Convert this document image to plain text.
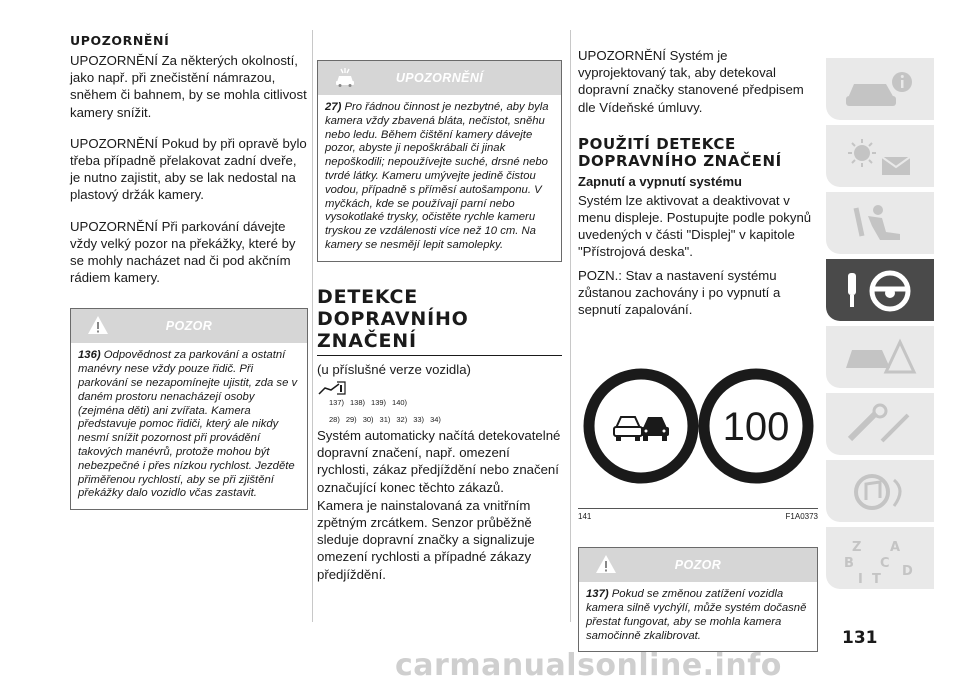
UPOZORNĚNÍ

UPOZORNĚNÍ Za některých okolností, jako např. při znečistění námrazou, sněhem či bahnem, by se mohla citlivost kamery snížit.

UPOZORNĚNÍ Pokud by při opravě bylo třeba případně přelakovat zadní dveře, je nutno zajistit, aby se lak nedostal na plastový držák kamery.

UPOZORNĚNÍ Při parkování dávejte vždy velký pozor na překážky, které by se mohly nacházet nad či pod akčním rádiem kamery.

POZOR
136) Odpovědnost za parkování a ostatní manévry nese vždy pouze řidič. Při parkování se nezapomínejte ujistit, zda se v daném prostoru nenacházejí osoby (zejména děti) ani zvířata. Kamera představuje pomoc řidiči, který ale nikdy nesmí snížit pozornost při provádění takových manévrů, protože mohou být nebezpečné i přes nízkou rychlost. Jezděte přiměřenou rychlostí, aby se při zjištění překážky dalo vozidlo včas zastavit.
UPOZORNĚNÍ
27) Pro řádnou činnost je nezbytné, aby byla kamera vždy zbavená bláta, nečistot, sněhu nebo ledu. Během čištění kamery dávejte pozor, abyste ji nepoškrábali či jinak nepoškodili; nepoužívejte suché, drsné nebo tvrdé látky. Kameru umývejte jedině čistou vodou, případně s příměsí autošamponu. V myčkách, kde se používají parní nebo vysokotlaké trysky, očistěte rychle kameru tryskou ze vzdálenosti více než 10 cm. Na kamery se nesmějí lepit samolepky.
DETEKCE
DOPRAVNÍHO
ZNAČENÍ

(u příslušné verze vozidla)

137) 138) 139) 140)
28) 29) 30) 31) 32) 33) 34)

Systém automaticky načítá detekovatelné dopravní značení, např. omezení rychlosti, zákaz předjíždění nebo značení označující konec těchto zákazů.

Kamera je nainstalovaná za vnitřním zpětným zrcátkem. Senzor průběžně sleduje dopravní značky a signalizuje omezení rychlosti a případné zákazy předjíždění.

UPOZORNĚNÍ Systém je vyprojektovaný tak, aby detekoval dopravní značky stanovené předpisem dle Vídeňské úmluvy.

POUŽITÍ DETEKCE
DOPRAVNÍHO ZNAČENÍ

Zapnutí a vypnutí systému

Systém lze aktivovat a deaktivovat v menu displeje. Postupujte podle pokynů uvedených v části "Displej" v kapitole "Přístrojová deska".

POZN.: Stav a nastavení systému zůstanou zachovány i po vypnutí a sepnutí zapalování.

100
141	F1A0373
POZOR
137) Pokud se změnou zatížení vozidla kamera silně vychýlí, může systém dočasně přestat fungovat, aby se mohla kamera samočinně zkalibrovat.
Z A
B C
D
I T
131
carmanualsonline.info
